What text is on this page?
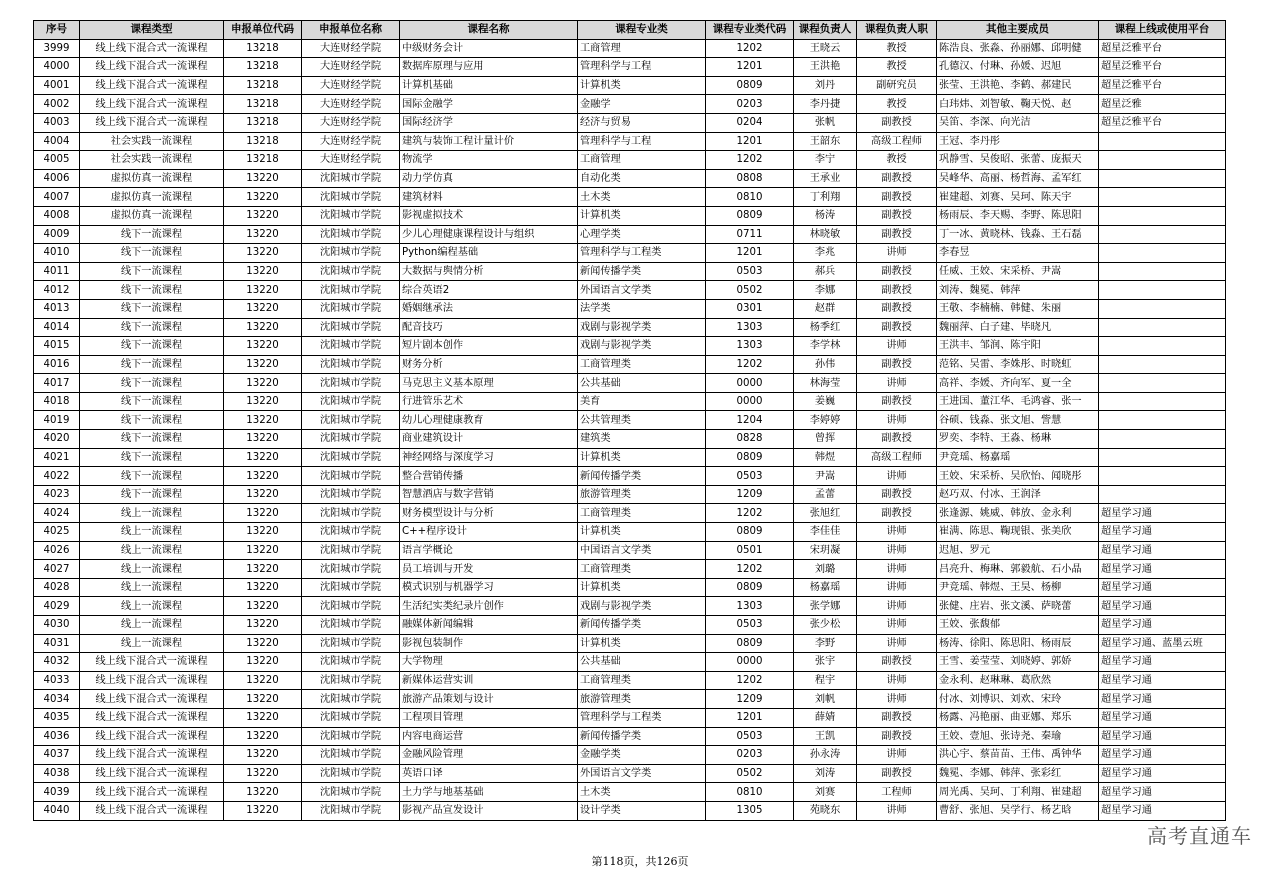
序号	课程类型	申报单位代码	申报单位名称	课程名称	课程专业类	课程专业类代码	课程负责人	课程负责人职	其他主要成员	课程上线或使用平台
3999	线上线下混合式一流课程	13218	大连财经学院	中级财务会计	工商管理	1202	王晓云	教授	陈浩良、张淼、孙丽娜、邱明健	超星泛雅平台
4000	线上线下混合式一流课程	13218	大连财经学院	数据库原理与应用	管理科学与工程	1201	王洪艳	教授	孔德汉、付琳、孙媛、迟旭	超星泛雅平台
4001	线上线下混合式一流课程	13218	大连财经学院	计算机基础	计算机类	0809	刘丹	副研究员	张莹、王洪艳、李鹤、郝建民	超星泛雅平台
4002	线上线下混合式一流课程	13218	大连财经学院	国际金融学	金融学	0203	李丹捷	教授	白玮炜、刘智敏、鞠天悦、赵	超星泛雅
4003	线上线下混合式一流课程	13218	大连财经学院	国际经济学	经济与贸易	0204	张帆	副教授	吴笛、李深、向光洁	超星泛雅平台
4004	社会实践一流课程	13218	大连财经学院	建筑与装饰工程计量计价	管理科学与工程	1201	王韶东	高级工程师	王冠、李丹彤	
4005	社会实践一流课程	13218	大连财经学院	物流学	工商管理	1202	李宁	教授	巩静雪、吴俊昭、张蕾、庞振天	
4006	虚拟仿真一流课程	13220	沈阳城市学院	动力学仿真	自动化类	0808	王承业	副教授	吴峰华、高丽、杨哲海、孟军红	
4007	虚拟仿真一流课程	13220	沈阳城市学院	建筑材料	土木类	0810	丁利翔	副教授	崔建超、刘赛、吴珂、陈天宇	
4008	虚拟仿真一流课程	13220	沈阳城市学院	影视虚拟技术	计算机类	0809	杨涛	副教授	杨雨辰、李天赐、李野、陈思阳	
4009	线下一流课程	13220	沈阳城市学院	少儿心理健康课程设计与组织	心理学类	0711	林晓敏	副教授	丁一冰、黄晓林、钱淼、王石磊	
4010	线下一流课程	13220	沈阳城市学院	Python编程基础	管理科学与工程类	1201	李兆	讲师	李春昱	
4011	线下一流课程	13220	沈阳城市学院	大数据与舆情分析	新闻传播学类	0503	郝兵	副教授	任威、王姣、宋采桥、尹嵩	
4012	线下一流课程	13220	沈阳城市学院	综合英语2	外国语言文学类	0502	李娜	副教授	刘涛、魏冕、韩萍	
4013	线下一流课程	13220	沈阳城市学院	婚姻继承法	法学类	0301	赵群	副教授	王敬、李楠楠、韩健、朱丽	
4014	线下一流课程	13220	沈阳城市学院	配音技巧	戏剧与影视学类	1303	杨季红	副教授	魏丽萍、白子建、毕晓凡	
4015	线下一流课程	13220	沈阳城市学院	短片剧本创作	戏剧与影视学类	1303	李学林	讲师	王洪丰、邹润、陈宇阳	
4016	线下一流课程	13220	沈阳城市学院	财务分析	工商管理类	1202	孙伟	副教授	范铭、吴雷、李姝彤、时晓虹	
4017	线下一流课程	13220	沈阳城市学院	马克思主义基本原理	公共基础	0000	林海莹	讲师	高祥、李媛、齐向军、夏一全	
4018	线下一流课程	13220	沈阳城市学院	行进管乐艺术	美育	0000	姜巍	副教授	王进国、董江华、毛鸿睿、张一	
4019	线下一流课程	13220	沈阳城市学院	幼儿心理健康教育	公共管理类	1204	李婷婷	讲师	谷硕、钱淼、张文旭、訾慧	
4020	线下一流课程	13220	沈阳城市学院	商业建筑设计	建筑类	0828	曾挥	副教授	罗奕、李特、王淼、杨琳	
4021	线下一流课程	13220	沈阳城市学院	神经网络与深度学习	计算机类	0809	韩煜	高级工程师	尹竞瑶、杨嘉瑶	
4022	线下一流课程	13220	沈阳城市学院	整合营销传播	新闻传播学类	0503	尹嵩	讲师	王姣、宋采桥、吴欣怡、闻晓彤	
4023	线下一流课程	13220	沈阳城市学院	智慧酒店与数字营销	旅游管理类	1209	孟蕾	副教授	赵巧双、付冰、王润泽	
4024	线上一流课程	13220	沈阳城市学院	财务模型设计与分析	工商管理类	1202	张旭红	副教授	张逢源、姚威、韩放、金永利	超星学习通
4025	线上一流课程	13220	沈阳城市学院	C++程序设计	计算机类	0809	李佳佳	讲师	崔满、陈思、鞠现银、张美欣	超星学习通
4026	线上一流课程	13220	沈阳城市学院	语言学概论	中国语言文学类	0501	宋玥凝	讲师	迟旭、罗元	超星学习通
4027	线上一流课程	13220	沈阳城市学院	员工培训与开发	工商管理类	1202	刘璐	讲师	吕亮升、梅琳、郭毅航、石小晶	超星学习通
4028	线上一流课程	13220	沈阳城市学院	模式识别与机器学习	计算机类	0809	杨嘉瑶	讲师	尹竞瑶、韩煜、王昊、杨柳	超星学习通
4029	线上一流课程	13220	沈阳城市学院	生活纪实类纪录片创作	戏剧与影视学类	1303	张学娜	讲师	张健、庄岩、张文溪、萨晓蕾	超星学习通
4030	线上一流课程	13220	沈阳城市学院	融媒体新闻编辑	新闻传播学类	0503	张少松	讲师	王姣、张馥郁	超星学习通
4031	线上一流课程	13220	沈阳城市学院	影视包装制作	计算机类	0809	李野	讲师	杨涛、徐阳、陈思阳、杨雨辰	超星学习通、蓝墨云班
4032	线上线下混合式一流课程	13220	沈阳城市学院	大学物理	公共基础	0000	张宇	副教授	王雪、姜莹莹、刘晓婷、郭娇	超星学习通
4033	线上线下混合式一流课程	13220	沈阳城市学院	新媒体运营实训	工商管理类	1202	程宇	讲师	金永利、赵琳琳、葛欣然	超星学习通
4034	线上线下混合式一流课程	13220	沈阳城市学院	旅游产品策划与设计	旅游管理类	1209	刘帆	讲师	付冰、刘博识、刘欢、宋玲	超星学习通
4035	线上线下混合式一流课程	13220	沈阳城市学院	工程项目管理	管理科学与工程类	1201	薛婧	副教授	杨露、冯艳丽、曲亚娜、郑乐	超星学习通
4036	线上线下混合式一流课程	13220	沈阳城市学院	内容电商运营	新闻传播学类	0503	王凯	副教授	王姣、壹旭、张诗尧、秦瑜	超星学习通
4037	线上线下混合式一流课程	13220	沈阳城市学院	金融风险管理	金融学类	0203	孙永涛	讲师	洪心宇、蔡苗苗、王伟、禹钟华	超星学习通
4038	线上线下混合式一流课程	13220	沈阳城市学院	英语口译	外国语言文学类	0502	刘涛	副教授	魏冕、李娜、韩萍、张彩红	超星学习通
4039	线上线下混合式一流课程	13220	沈阳城市学院	土力学与地基基础	土木类	0810	刘赛	工程师	周光禹、吴珂、丁利翔、崔建超	超星学习通
4040	线上线下混合式一流课程	13220	沈阳城市学院	影视产品宣发设计	设计学类	1305	苑晓东	讲师	曹舒、张旭、吴学行、杨艺晗	超星学习通
高考直通车
第118页，共126页
